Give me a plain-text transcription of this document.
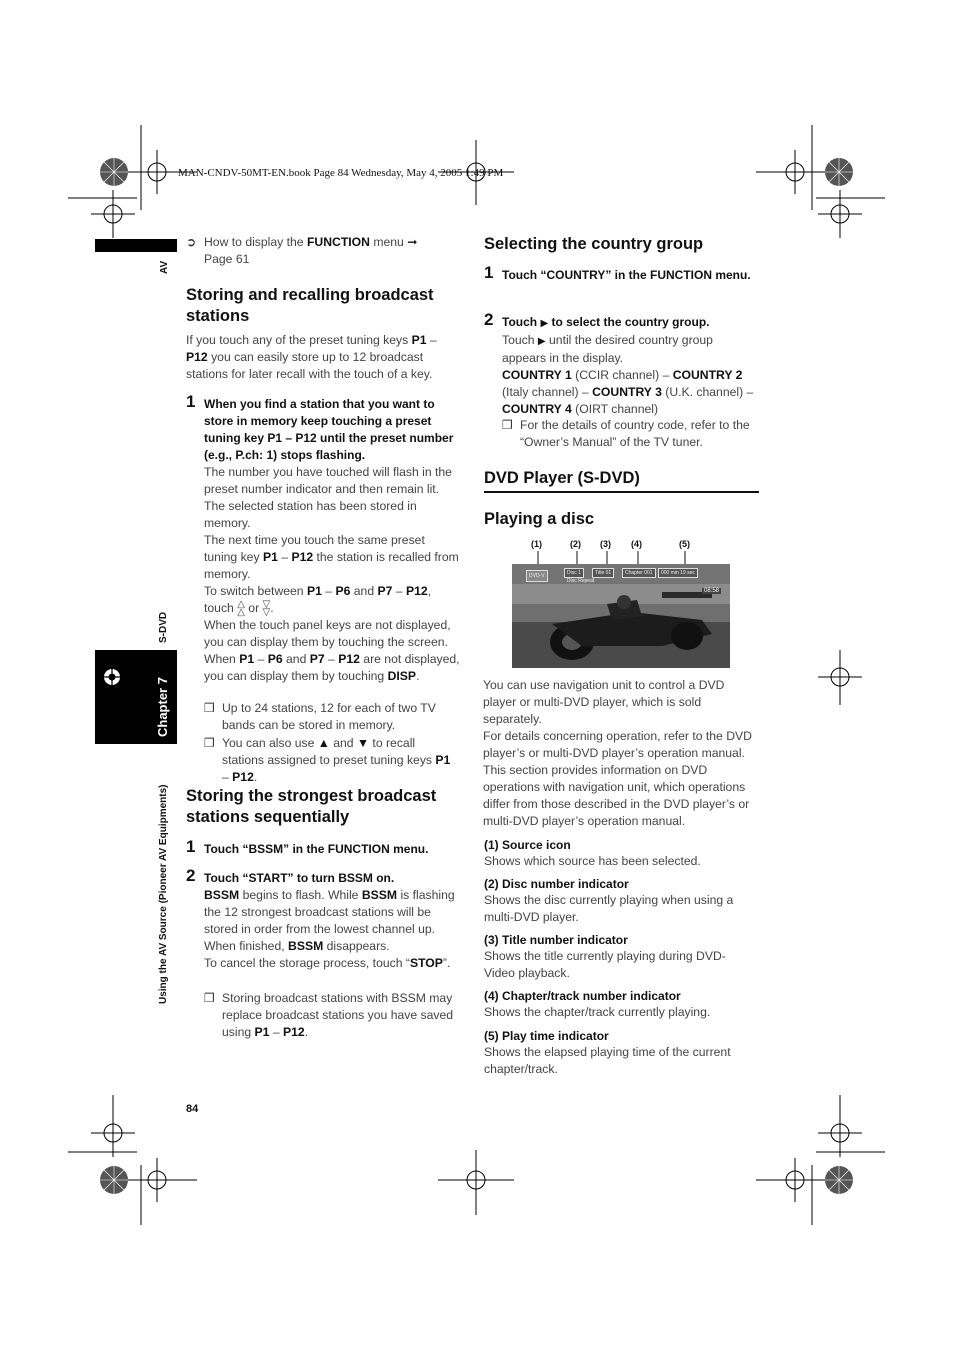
MAN-CNDV-50MT-EN.book Page 84 Wednesday, May 4, 2005 1:49 PM
AV
S-DVD
Chapter 7
Using the AV Source (Pioneer AV Equipments)
84
➲ How to display the FUNCTION menu ➞
Page 61
Storing and recalling broadcast
stations
If you touch any of the preset tuning keys P1 – P12 you can easily store up to 12 broadcast stations for later recall with the touch of a key.
1 When you find a station that you want to store in memory keep touching a preset tuning key P1 – P12 until the preset number (e.g., P.ch: 1) stops flashing.
The number you have touched will flash in the preset number indicator and then remain lit. The selected station has been stored in memory.
The next time you touch the same preset tuning key P1 – P12 the station is recalled from memory.
To switch between P1 – P6 and P7 – P12, touch △
△ or ▽
▽.
When the touch panel keys are not displayed, you can display them by touching the screen. When P1 – P6 and P7 – P12 are not displayed, you can display them by touching DISP.
❒ Up to 24 stations, 12 for each of two TV bands can be stored in memory.
❒ You can also use ▲ and ▼ to recall stations assigned to preset tuning keys P1 – P12.
Storing the strongest broadcast
stations sequentially
1 Touch “BSSM” in the FUNCTION menu.
2 Touch “START” to turn BSSM on.
BSSM begins to flash. While BSSM is flashing the 12 strongest broadcast stations will be stored in order from the lowest channel up. When finished, BSSM disappears.
To cancel the storage process, touch “STOP”.
❒ Storing broadcast stations with BSSM may replace broadcast stations you have saved using P1 – P12.
Selecting the country group
1 Touch “COUNTRY” in the FUNCTION menu.
2 Touch ▶ to select the country group.
Touch ▶ until the desired country group appears in the display.
COUNTRY 1 (CCIR channel) – COUNTRY 2 (Italy channel) – COUNTRY 3 (U.K. channel) – COUNTRY 4 (OIRT channel)
❒ For the details of country code, refer to the “Owner’s Manual” of the TV tuner.
DVD Player (S-DVD)
Playing a disc
(1)	(2) (3) (4)	(5)
DVD-V	Disc 1	Title 01	Chapter 001	000 min 19 sec
Disc Repeat
08:58
You can use navigation unit to control a DVD player or multi-DVD player, which is sold separately.
For details concerning operation, refer to the DVD player’s or multi-DVD player’s operation manual. This section provides information on DVD operations with navigation unit, which operations differ from those described in the DVD player’s or multi-DVD player’s operation manual.
(1) Source icon
Shows which source has been selected.
(2) Disc number indicator
Shows the disc currently playing when using a multi-DVD player.
(3) Title number indicator
Shows the title currently playing during DVD-Video playback.
(4) Chapter/track number indicator
Shows the chapter/track currently playing.
(5) Play time indicator
Shows the elapsed playing time of the current chapter/track.
